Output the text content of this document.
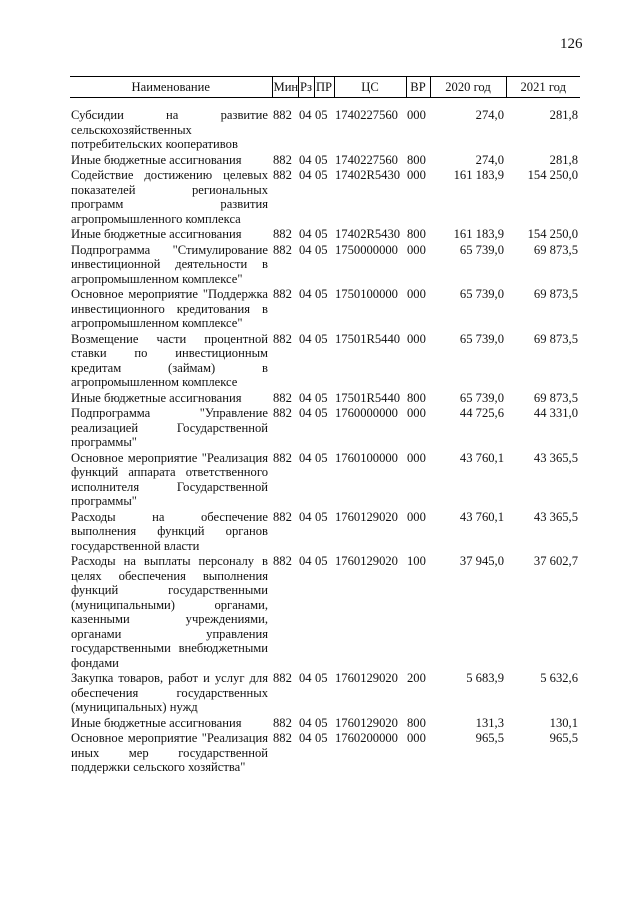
126
Наименование	Мин	Рз	ПР	ЦС	ВР	2020 год	2021 год

Субсидии на развитие сельскохозяйственных потребительских кооперативов	882	04	05	1740227560	000	274,0	281,8
Иные бюджетные ассигнования	882	04	05	1740227560	800	274,0	281,8
Содействие достижению целевых показателей региональных программ развития агропромышленного комплекса	882	04	05	17402R5430	000	161 183,9	154 250,0
Иные бюджетные ассигнования	882	04	05	17402R5430	800	161 183,9	154 250,0
Подпрограмма "Стимулирование инвестиционной деятельности в агропромышленном комплексе"	882	04	05	1750000000	000	65 739,0	69 873,5
Основное мероприятие "Поддержка инвестиционного кредитования в агропромышленном комплексе"	882	04	05	1750100000	000	65 739,0	69 873,5
Возмещение части процентной ставки по инвестиционным кредитам (займам) в агропромышленном комплексе	882	04	05	17501R5440	000	65 739,0	69 873,5
Иные бюджетные ассигнования	882	04	05	17501R5440	800	65 739,0	69 873,5
Подпрограмма "Управление реализацией Государственной программы"	882	04	05	1760000000	000	44 725,6	44 331,0
Основное мероприятие "Реализация функций аппарата ответственного исполнителя Государственной программы"	882	04	05	1760100000	000	43 760,1	43 365,5
Расходы на обеспечение выполнения функций органов государственной власти	882	04	05	1760129020	000	43 760,1	43 365,5
Расходы на выплаты персоналу в целях обеспечения выполнения функций государственными (муниципальными) органами, казенными учреждениями, органами управления государственными внебюджетными фондами	882	04	05	1760129020	100	37 945,0	37 602,7
Закупка товаров, работ и услуг для обеспечения государственных (муниципальных) нужд	882	04	05	1760129020	200	5 683,9	5 632,6
Иные бюджетные ассигнования	882	04	05	1760129020	800	131,3	130,1
Основное мероприятие "Реализация иных мер государственной поддержки сельского хозяйства"	882	04	05	1760200000	000	965,5	965,5
